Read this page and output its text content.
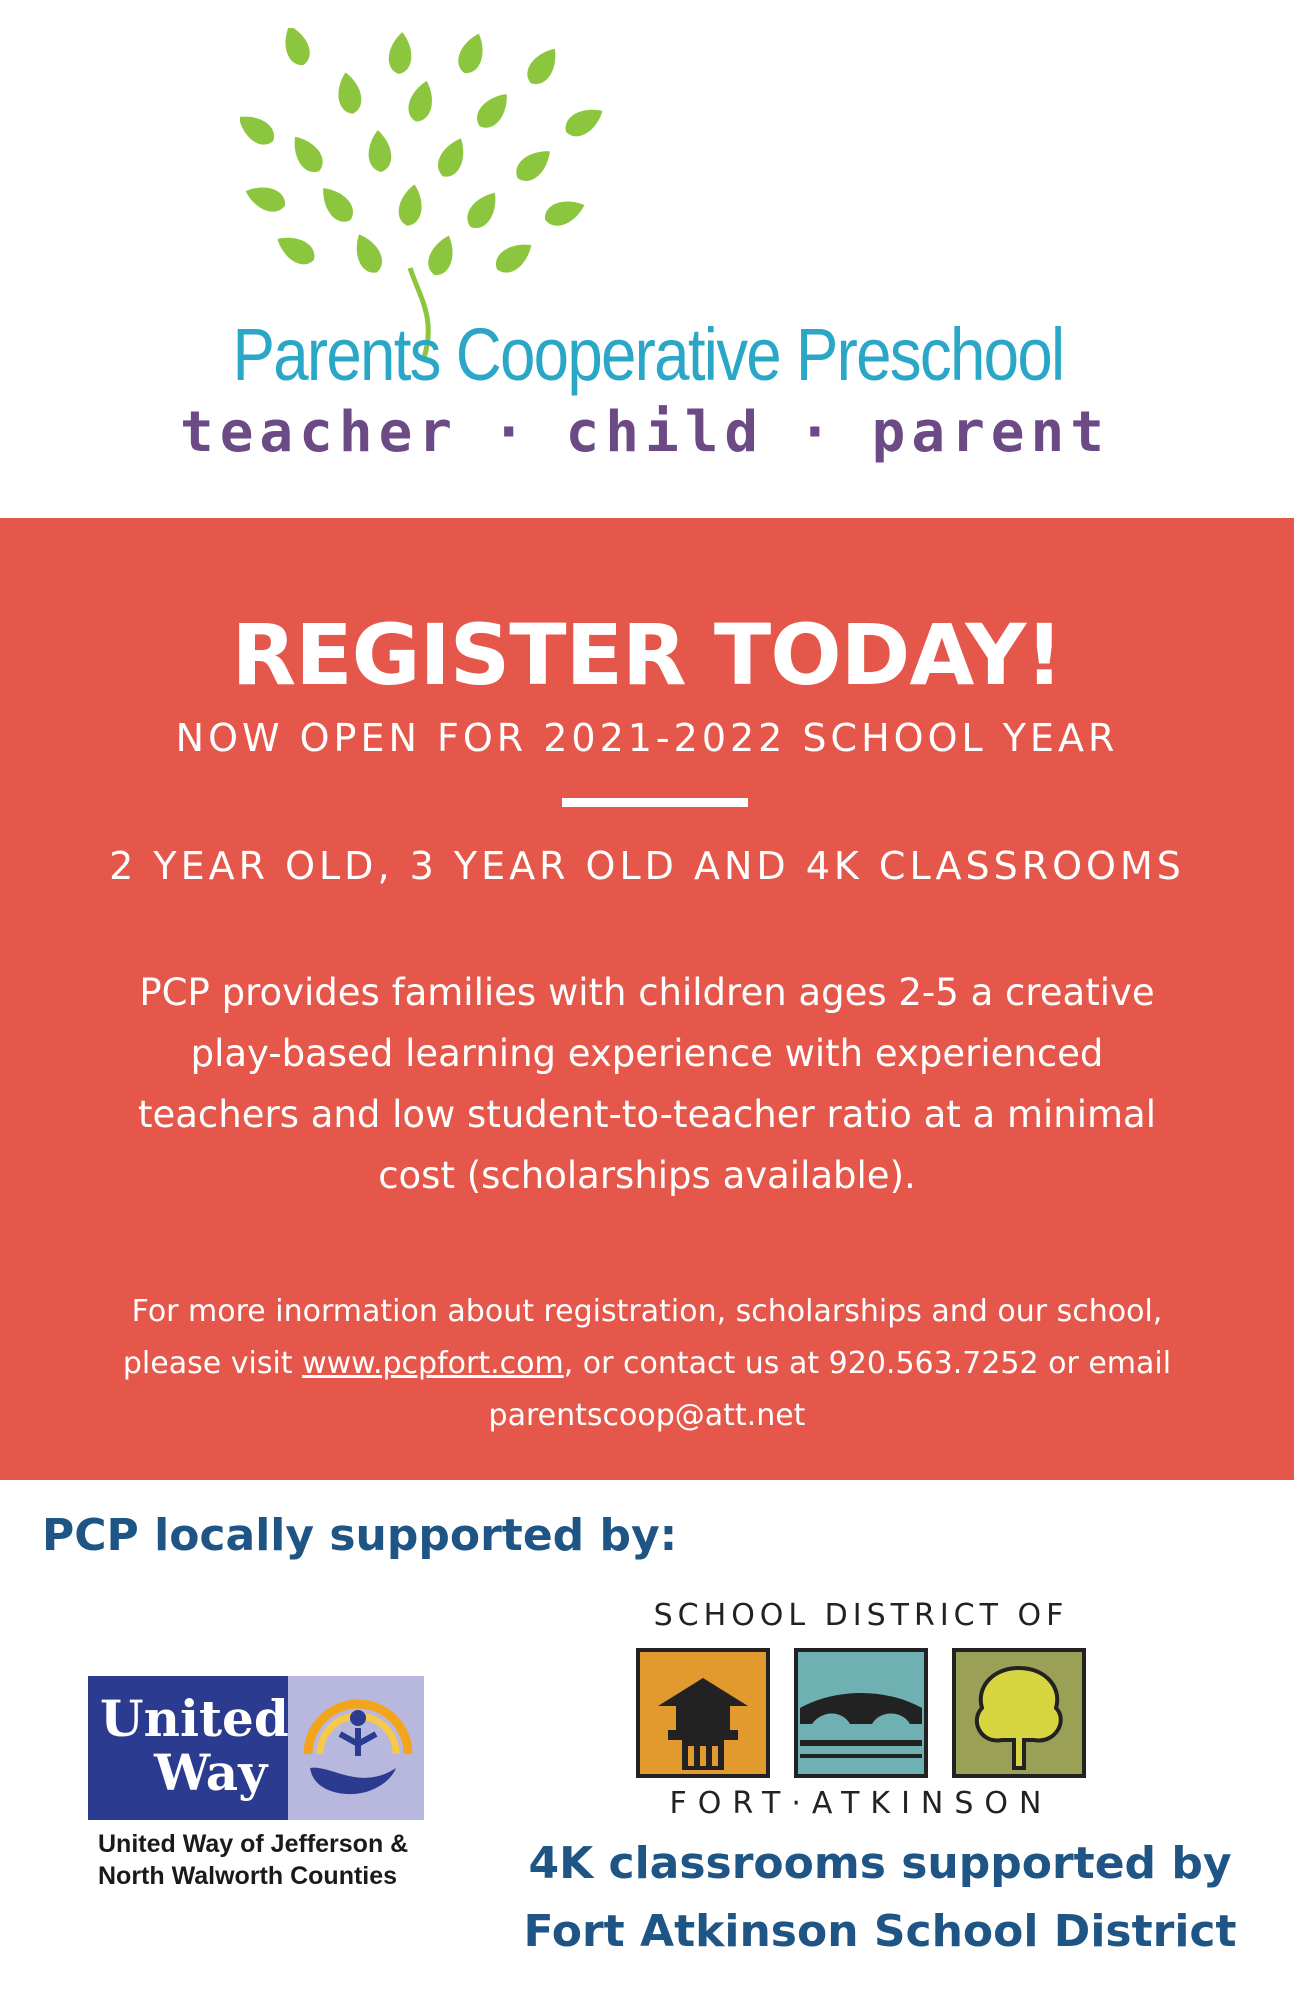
Parents Cooperative Preschool
teacher · child · parent
REGISTER TODAY!
NOW OPEN FOR 2021-2022 SCHOOL YEAR
2 YEAR OLD, 3 YEAR OLD AND 4K CLASSROOMS
PCP provides families with children ages 2-5 a creative play-based learning experience with experienced teachers and low student-to-teacher ratio at a minimal cost (scholarships available).
For more inormation about registration, scholarships and our school, please visit www.pcpfort.com, or contact us at 920.563.7252 or email parentscoop@att.net
PCP locally supported by:
United
Way
United Way of Jefferson &
North Walworth Counties
SCHOOL DISTRICT OF
FORT·ATKINSON
4K classrooms supported by
Fort Atkinson School District
